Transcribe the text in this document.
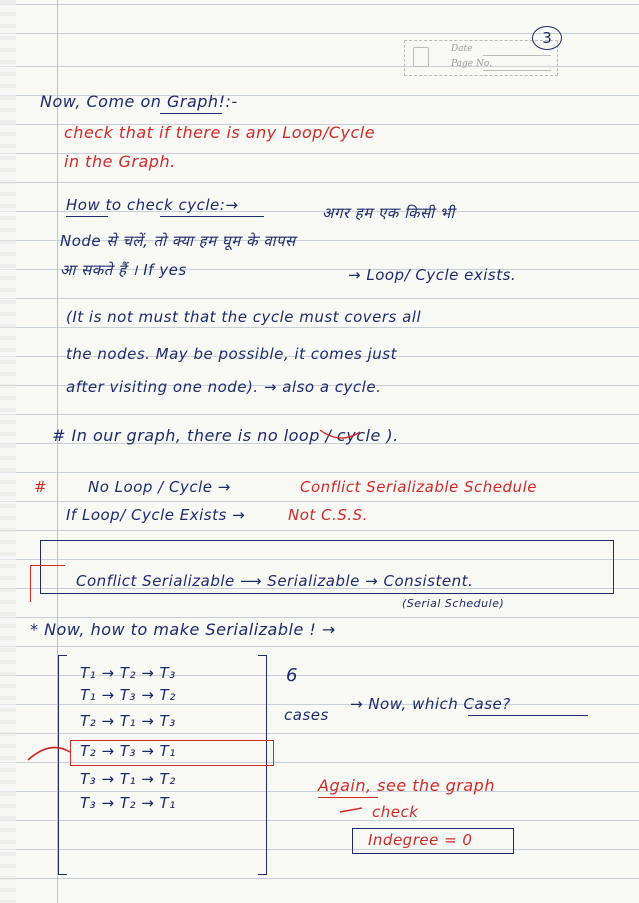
Date
Page No.
3
Now, Come on Graph!:-
check that if there is any Loop/Cycle
in the Graph.
How to check cycle:→	अगर हम एक किसी भी
Node से चलें, तो क्या हम घूम के वापस
आ सकते हैं । If yes	→ Loop/ Cycle exists.
(It is not must that the cycle must covers all
the nodes. May be possible, it comes just
after visiting one node). → also a cycle.
# In our graph, there is no loop / cycle ).
#	No Loop / Cycle →	Conflict Serializable Schedule
If Loop/ Cycle Exists →	Not C.S.S.
Conflict Serializable ⟶ Serializable → Consistent.
(Serial Schedule)
* Now, how to make Serializable ! →
T₁ → T₂ → T₃
T₁ → T₃ → T₂
T₂ → T₁ → T₃
T₂ → T₃ → T₁
T₃ → T₁ → T₂
T₃ → T₂ → T₁
6
cases
→ Now, which Case?
Again, see the graph
check
Indegree = 0
